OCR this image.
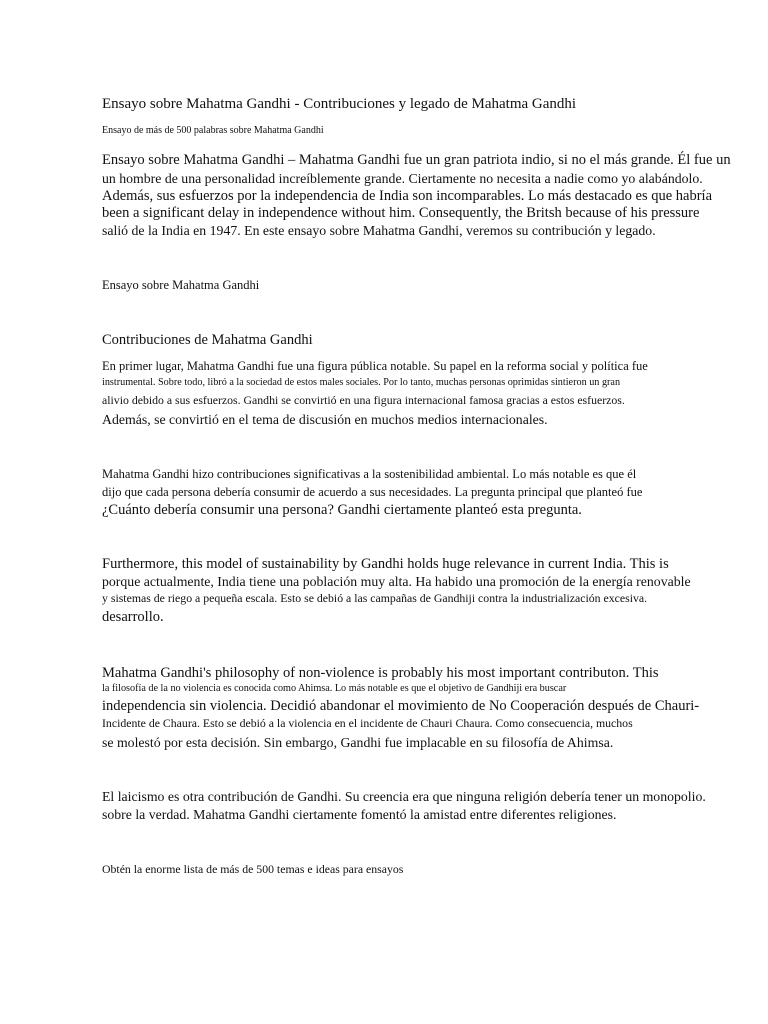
Ensayo sobre Mahatma Gandhi - Contribuciones y legado de Mahatma Gandhi
Ensayo de más de 500 palabras sobre Mahatma Gandhi
Ensayo sobre Mahatma Gandhi – Mahatma Gandhi fue un gran patriota indio, si no el más grande. Él fue un
un hombre de una personalidad increíblemente grande. Ciertamente no necesita a nadie como yo alabándolo.
Además, sus esfuerzos por la independencia de India son incomparables. Lo más destacado es que habría
been a significant delay in independence without him. Consequently, the Britsh because of his pressure
salió de la India en 1947. En este ensayo sobre Mahatma Gandhi, veremos su contribución y legado.
Ensayo sobre Mahatma Gandhi
Contribuciones de Mahatma Gandhi
En primer lugar, Mahatma Gandhi fue una figura pública notable. Su papel en la reforma social y política fue
instrumental. Sobre todo, libró a la sociedad de estos males sociales. Por lo tanto, muchas personas oprimidas sintieron un gran
alivio debido a sus esfuerzos. Gandhi se convirtió en una figura internacional famosa gracias a estos esfuerzos.
Además, se convirtió en el tema de discusión en muchos medios internacionales.
Mahatma Gandhi hizo contribuciones significativas a la sostenibilidad ambiental. Lo más notable es que él
dijo que cada persona debería consumir de acuerdo a sus necesidades. La pregunta principal que planteó fue
¿Cuánto debería consumir una persona? Gandhi ciertamente planteó esta pregunta.
Furthermore, this model of sustainability by Gandhi holds huge relevance in current India. This is
porque actualmente, India tiene una población muy alta. Ha habido una promoción de la energía renovable
y sistemas de riego a pequeña escala. Esto se debió a las campañas de Gandhiji contra la industrialización excesiva.
desarrollo.
Mahatma Gandhi's philosophy of non-violence is probably his most important contributon. This
la filosofía de la no violencia es conocida como Ahimsa. Lo más notable es que el objetivo de Gandhiji era buscar
independencia sin violencia. Decidió abandonar el movimiento de No Cooperación después de Chauri-
Incidente de Chaura. Esto se debió a la violencia en el incidente de Chauri Chaura. Como consecuencia, muchos
se molestó por esta decisión. Sin embargo, Gandhi fue implacable en su filosofía de Ahimsa.
El laicismo es otra contribución de Gandhi. Su creencia era que ninguna religión debería tener un monopolio.
sobre la verdad. Mahatma Gandhi ciertamente fomentó la amistad entre diferentes religiones.
Obtén la enorme lista de más de 500 temas e ideas para ensayos
